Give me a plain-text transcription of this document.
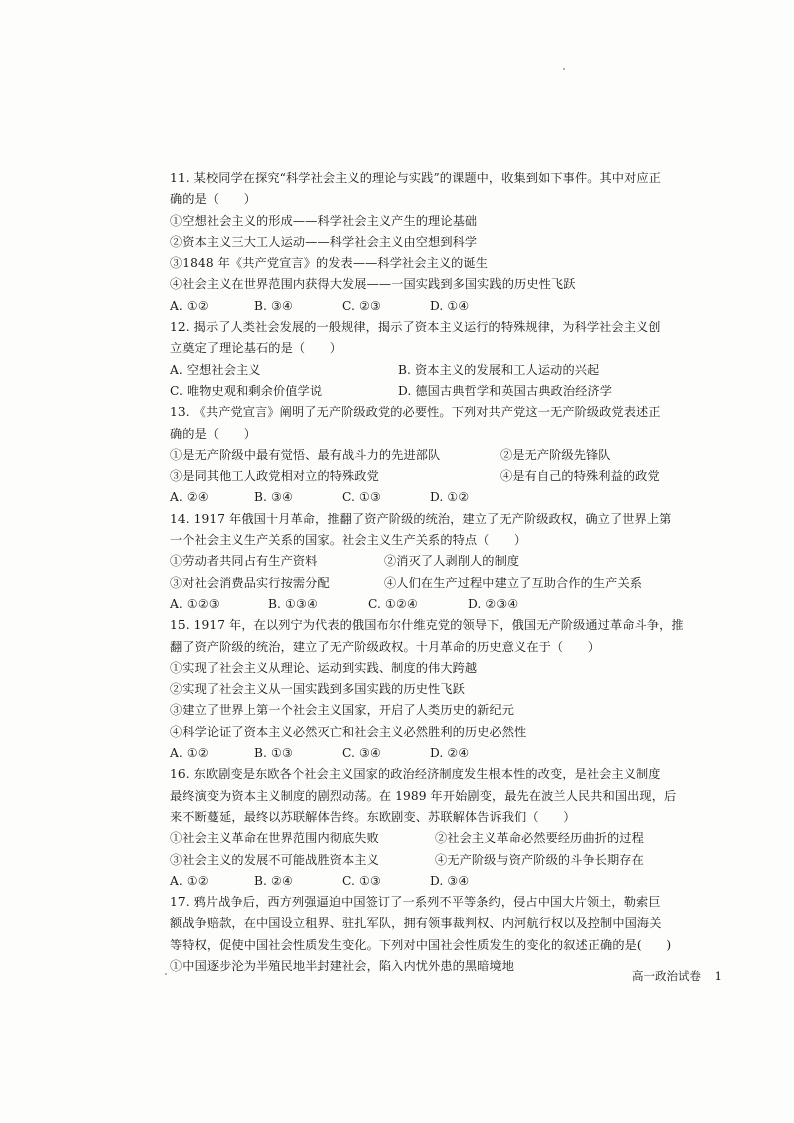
11. 某校同学在探究“科学社会主义的理论与实践”的课题中，收集到如下事件。其中对应正
确的是（　　）
①空想社会主义的形成——科学社会主义产生的理论基础
②资本主义三大工人运动——科学社会主义由空想到科学
③1848 年《共产党宣言》的发表——科学社会主义的诞生
④社会主义在世界范围内获得大发展——一国实践到多国实践的历史性飞跃
A. ①②	B. ③④	C. ②③	D. ①④
12. 揭示了人类社会发展的一般规律，揭示了资本主义运行的特殊规律，为科学社会主义创
立奠定了理论基石的是（　　）
A. 空想社会主义	B. 资本主义的发展和工人运动的兴起
C. 唯物史观和剩余价值学说	D. 德国古典哲学和英国古典政治经济学
13. 《共产党宣言》阐明了无产阶级政党的必要性。下列对共产党这一无产阶级政党表述正
确的是（　　）
①是无产阶级中最有觉悟、最有战斗力的先进部队	②是无产阶级先锋队
③是同其他工人政党相对立的特殊政党	④是有自己的特殊利益的政党
A. ②④	B. ③④	C. ①③	D. ①②
14. 1917 年俄国十月革命，推翻了资产阶级的统治，建立了无产阶级政权，确立了世界上第
一个社会主义生产关系的国家。社会主义生产关系的特点（　　）
①劳动者共同占有生产资料	②消灭了人剥削人的制度
③对社会消费品实行按需分配	④人们在生产过程中建立了互助合作的生产关系
A. ①②③	B. ①③④	C. ①②④	D. ②③④
15. 1917 年，在以列宁为代表的俄国布尔什维克党的领导下，俄国无产阶级通过革命斗争，推
翻了资产阶级的统治，建立了无产阶级政权。十月革命的历史意义在于（　　）
①实现了社会主义从理论、运动到实践、制度的伟大跨越
②实现了社会主义从一国实践到多国实践的历史性飞跃
③建立了世界上第一个社会主义国家，开启了人类历史的新纪元
④科学论证了资本主义必然灭亡和社会主义必然胜利的历史必然性
A. ①②	B. ①③	C. ③④	D. ②④
16. 东欧剧变是东欧各个社会主义国家的政治经济制度发生根本性的改变，是社会主义制度
最终演变为资本主义制度的剧烈动荡。在 1989 年开始剧变，最先在波兰人民共和国出现，后
来不断蔓延，最终以苏联解体告终。东欧剧变、苏联解体告诉我们（　　）
①社会主义革命在世界范围内彻底失败	②社会主义革命必然要经历曲折的过程
③社会主义的发展不可能战胜资本主义	④无产阶级与资产阶级的斗争长期存在
A. ①②	B. ②④	C. ①③	D. ③④
17. 鸦片战争后，西方列强逼迫中国签订了一系列不平等条约，侵占中国大片领土，勒索巨
额战争赔款，在中国设立租界、驻扎军队，拥有领事裁判权、内河航行权以及控制中国海关
等特权，促使中国社会性质发生变化。下列对中国社会性质发生的变化的叙述正确的是(　　)
①中国逐步沦为半殖民地半封建社会，陷入内忧外患的黑暗境地
高一政治试卷 1
